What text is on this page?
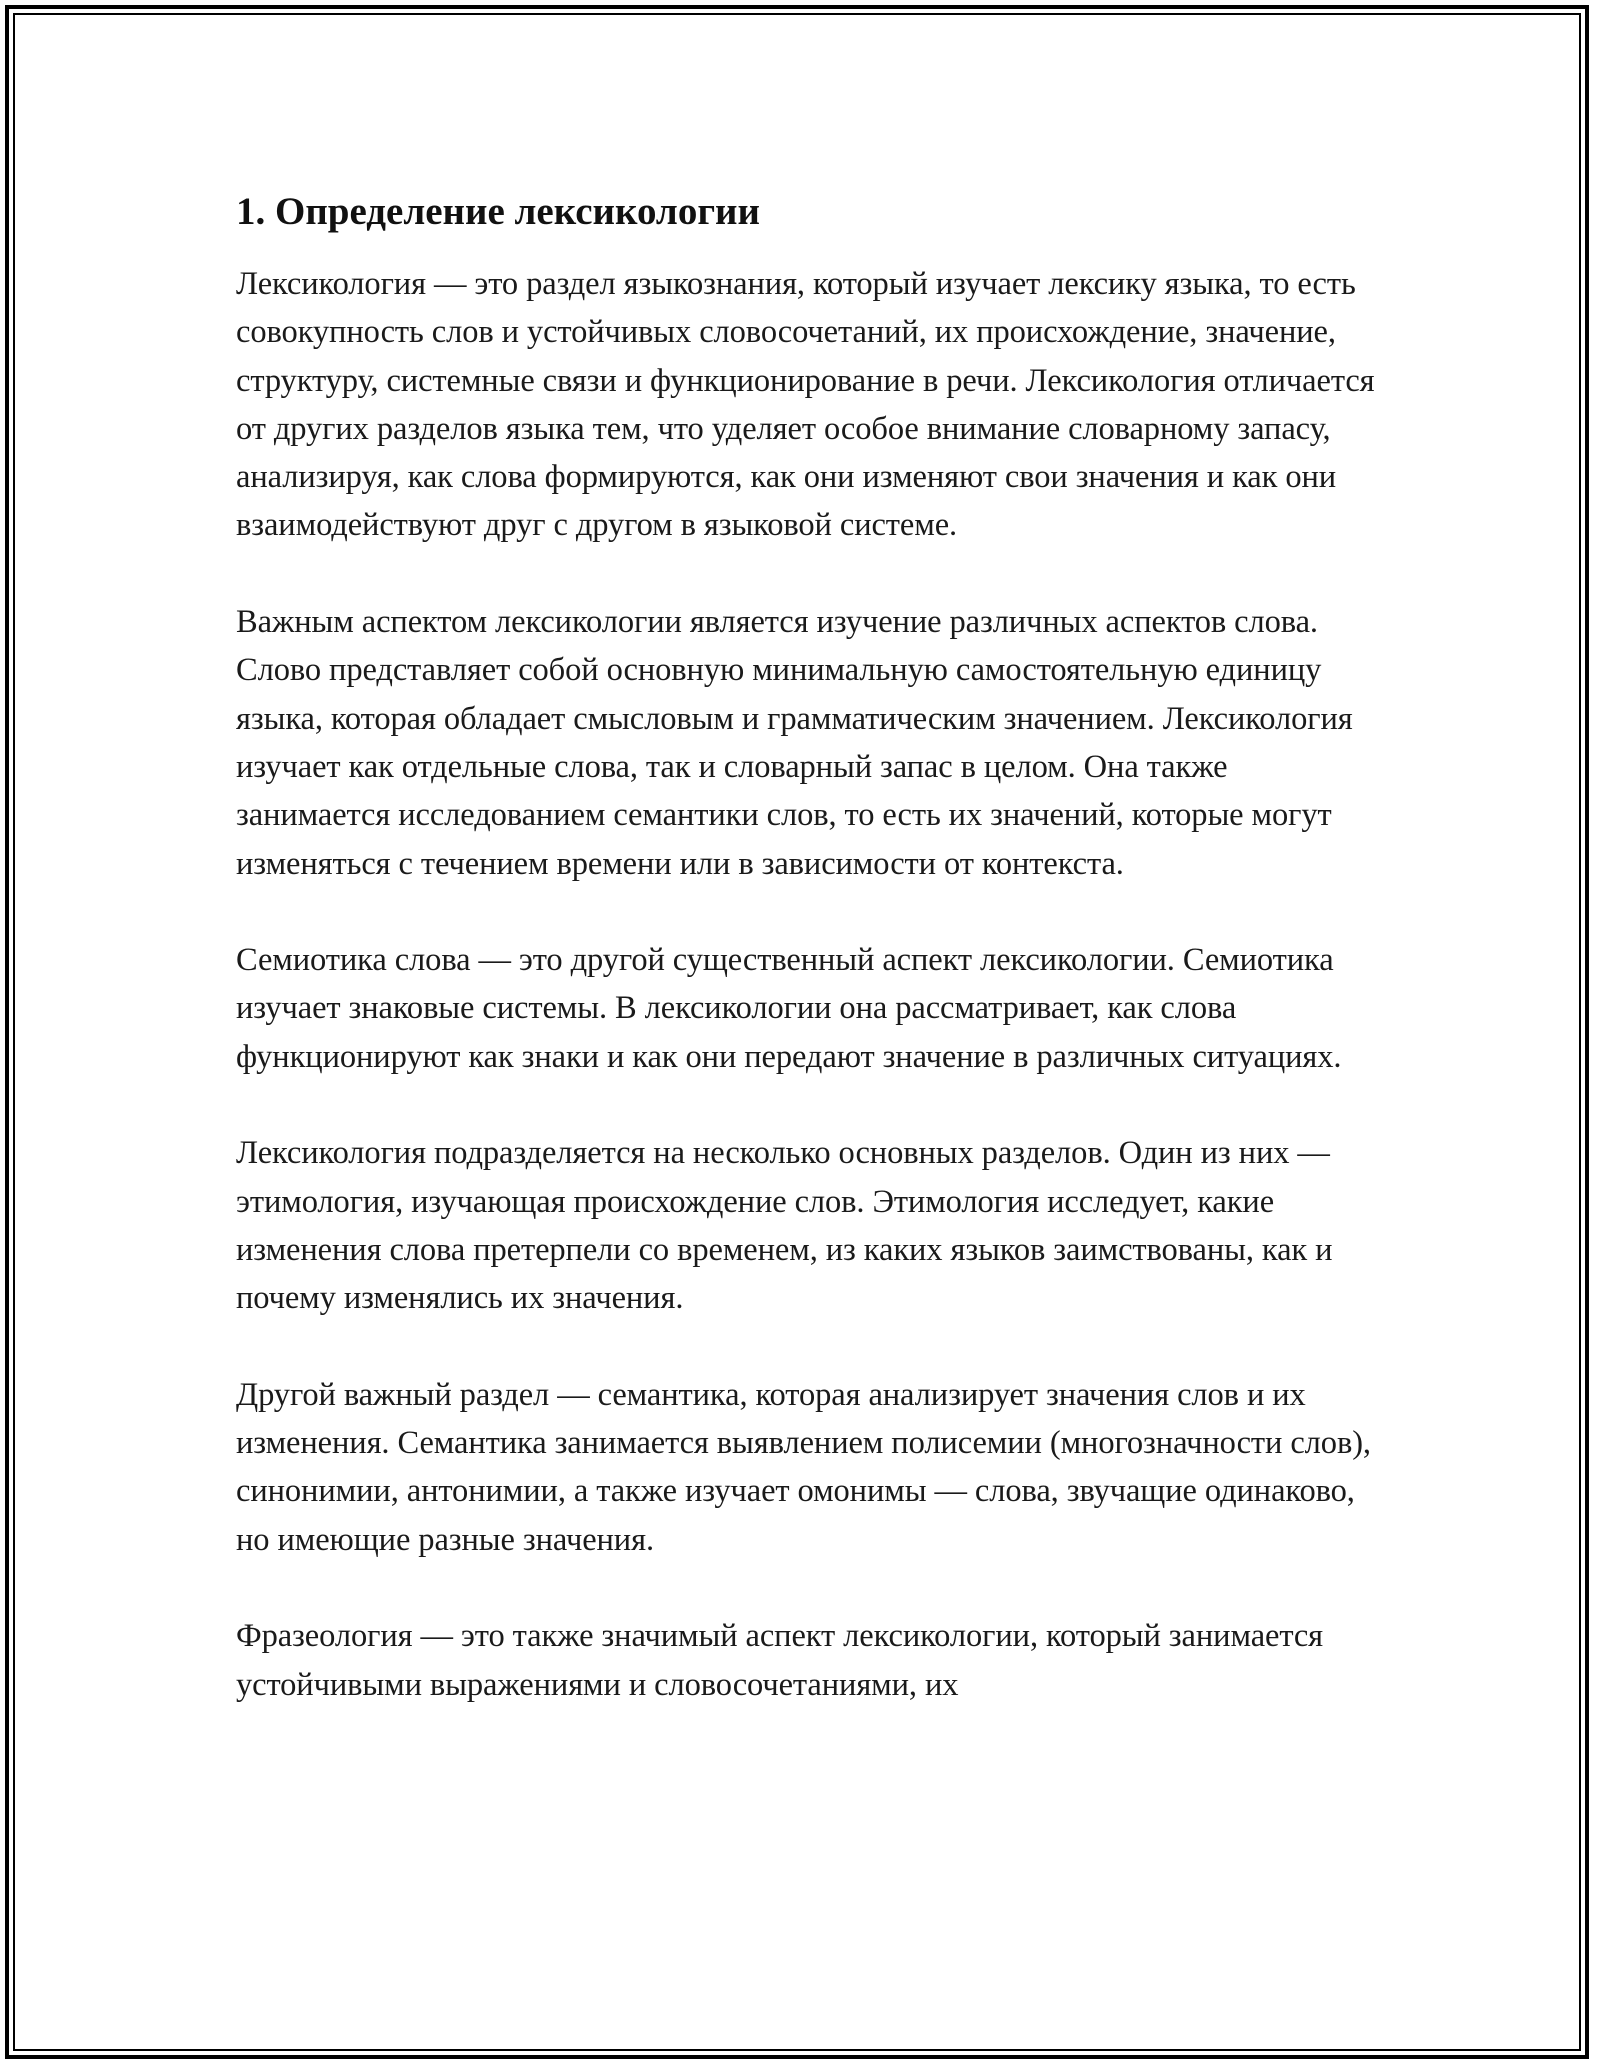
1. Определение лексикологии

Лексикология — это раздел языкознания, который изучает лексику языка, то есть совокупность слов и устойчивых словосочетаний, их происхождение, значение, структуру, системные связи и функционирование в речи. Лексикология отличается от других разделов языка тем, что уделяет особое внимание словарному запасу, анализируя, как слова формируются, как они изменяют свои значения и как они взаимодействуют друг с другом в языковой системе.

Важным аспектом лексикологии является изучение различных аспектов слова. Слово представляет собой основную минимальную самостоятельную единицу языка, которая обладает смысловым и грамматическим значением. Лексикология изучает как отдельные слова, так и словарный запас в целом. Она также занимается исследованием семантики слов, то есть их значений, которые могут изменяться с течением времени или в зависимости от контекста.

Семиотика слова — это другой существенный аспект лексикологии. Семиотика изучает знаковые системы. В лексикологии она рассматривает, как слова функционируют как знаки и как они передают значение в различных ситуациях.

Лексикология подразделяется на несколько основных разделов. Один из них — этимология, изучающая происхождение слов. Этимология исследует, какие изменения слова претерпели со временем, из каких языков заимствованы, как и почему изменялись их значения.

Другой важный раздел — семантика, которая анализирует значения слов и их изменения. Семантика занимается выявлением полисемии (многозначности слов), синонимии, антонимии, а также изучает омонимы — слова, звучащие одинаково, но имеющие разные значения.

Фразеология — это также значимый аспект лексикологии, который занимается устойчивыми выражениями и словосочетаниями, их
